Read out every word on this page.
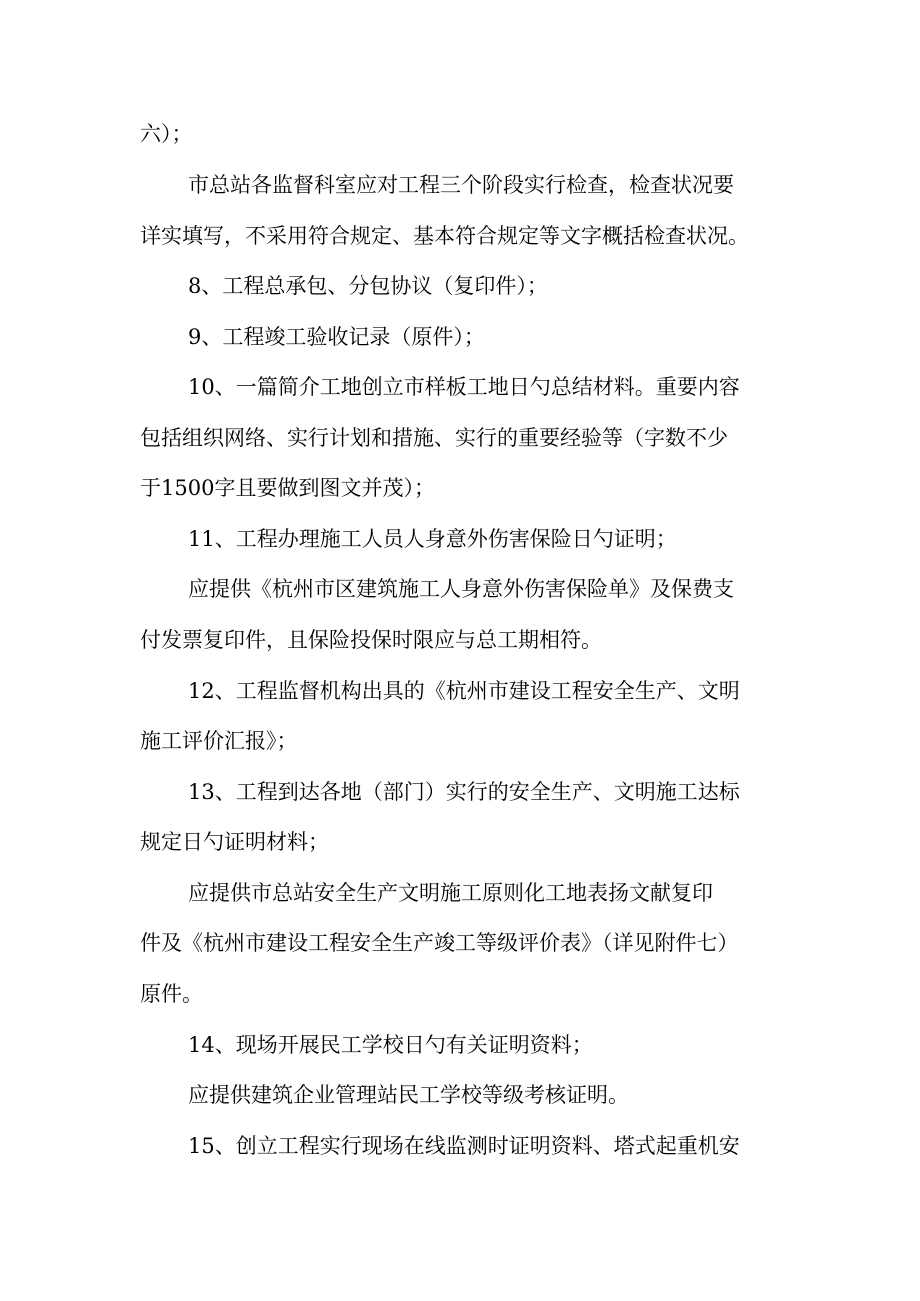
六）；
市总站各监督科室应对工程三个阶段实行检查，检查状况要
详实填写，不采用符合规定、基本符合规定等文字概括检查状况。
8、工程总承包、分包协议（复印件）；
9、工程竣工验收记录（原件）；
10、一篇简介工地创立市样板工地日勺总结材料。重要内容
包括组织网络、实行计划和措施、实行的重要经验等（字数不少
于1500字且要做到图文并茂）；
11、工程办理施工人员人身意外伤害保险日勺证明；
应提供《杭州市区建筑施工人身意外伤害保险单》及保费支
付发票复印件，且保险投保时限应与总工期相符。
12、工程监督机构出具的《杭州市建设工程安全生产、文明
施工评价汇报》；
13、工程到达各地（部门）实行的安全生产、文明施工达标
规定日勺证明材料；
应提供市总站安全生产文明施工原则化工地表扬文献复印
件及《杭州市建设工程安全生产竣工等级评价表》（详见附件七）
原件。
14、现场开展民工学校日勺有关证明资料；
应提供建筑企业管理站民工学校等级考核证明。
15、创立工程实行现场在线监测时证明资料、塔式起重机安
